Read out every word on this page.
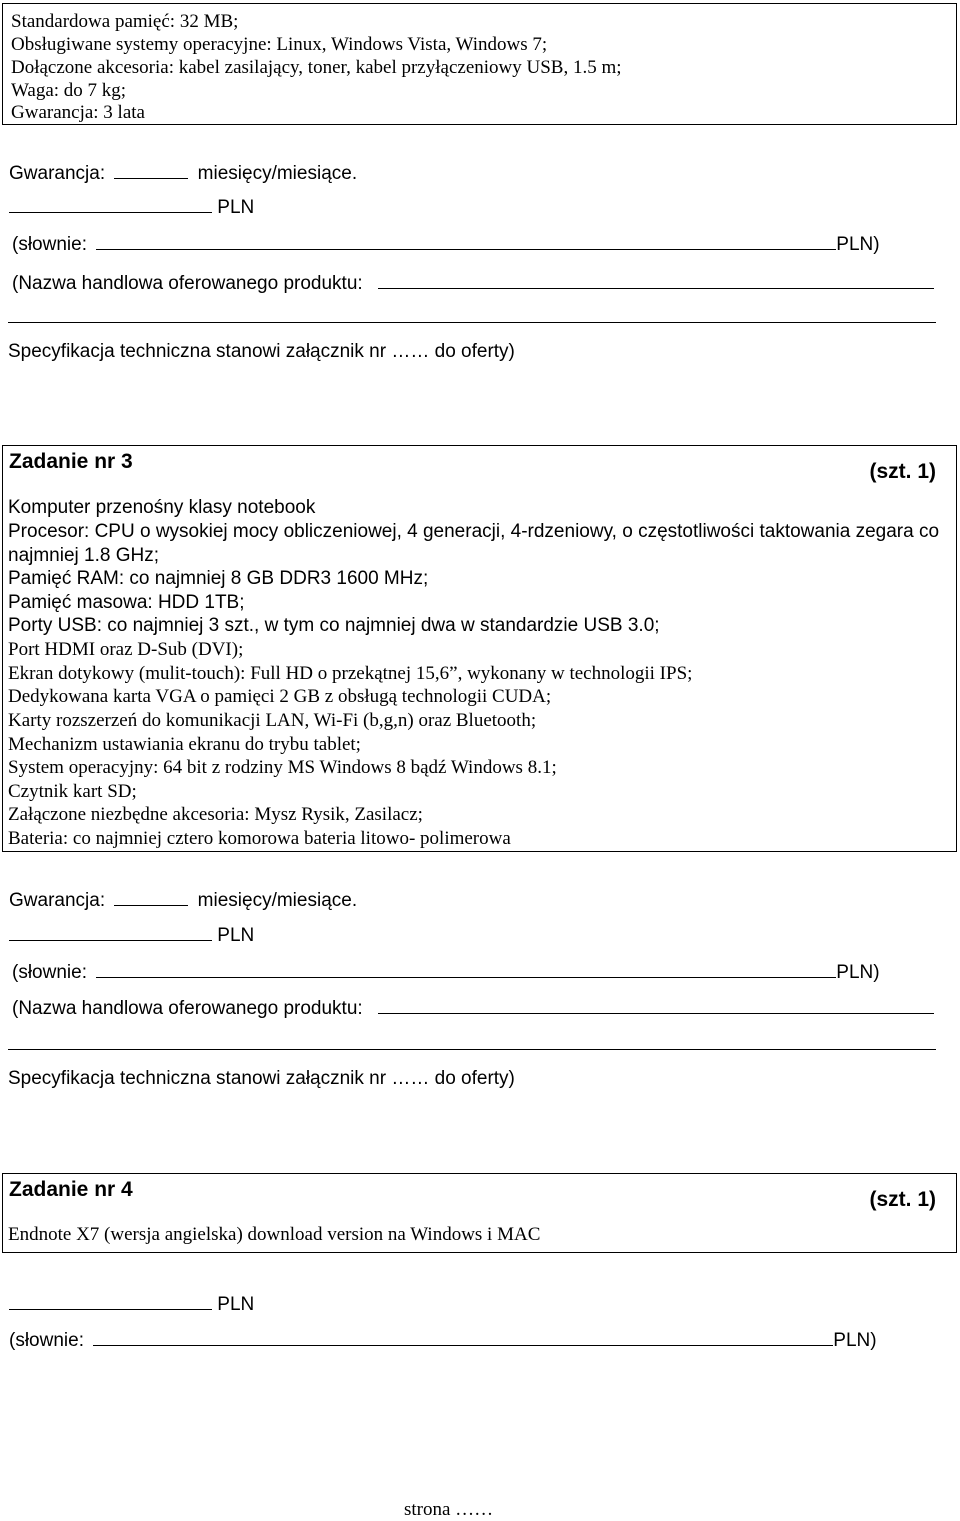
Standardowa pamięć: 32 MB;
Obsługiwane systemy operacyjne: Linux, Windows Vista, Windows 7;
Dołączone akcesoria: kabel zasilający, toner, kabel przyłączeniowy USB, 1.5 m;
Waga: do 7 kg;
Gwarancja: 3 lata
Gwarancja:	miesięcy/miesiące.
PLN
(słownie:	PLN)
(Nazwa handlowa oferowanego produktu:
Specyfikacja techniczna stanowi załącznik nr …… do oferty)
Zadanie nr 3	(szt. 1)
Komputer przenośny klasy notebook
Procesor: CPU o wysokiej mocy obliczeniowej, 4 generacji, 4-rdzeniowy, o częstotliwości taktowania zegara co
najmniej 1.8 GHz;
Pamięć RAM: co najmniej 8 GB DDR3 1600 MHz;
Pamięć masowa: HDD 1TB;
Porty USB: co najmniej 3 szt., w tym co najmniej dwa w standardzie USB 3.0;
Port HDMI oraz D-Sub (DVI);
Ekran dotykowy (mulit-touch): Full HD o przekątnej 15,6”, wykonany w technologii IPS;
Dedykowana karta VGA o pamięci 2 GB z obsługą technologii CUDA;
Karty rozszerzeń do komunikacji LAN, Wi-Fi (b,g,n) oraz Bluetooth;
Mechanizm ustawiania ekranu do trybu tablet;
System operacyjny: 64 bit z rodziny MS Windows 8 bądź Windows 8.1;
Czytnik kart SD;
Załączone niezbędne akcesoria: Mysz Rysik, Zasilacz;
Bateria: co najmniej cztero komorowa bateria litowo- polimerowa
Gwarancja:	miesięcy/miesiące.
PLN
(słownie:	PLN)
(Nazwa handlowa oferowanego produktu:
Specyfikacja techniczna stanowi załącznik nr …… do oferty)
Zadanie nr 4	(szt. 1)
Endnote X7 (wersja angielska) download version na Windows i MAC
PLN
(słownie:	PLN)
strona ……
